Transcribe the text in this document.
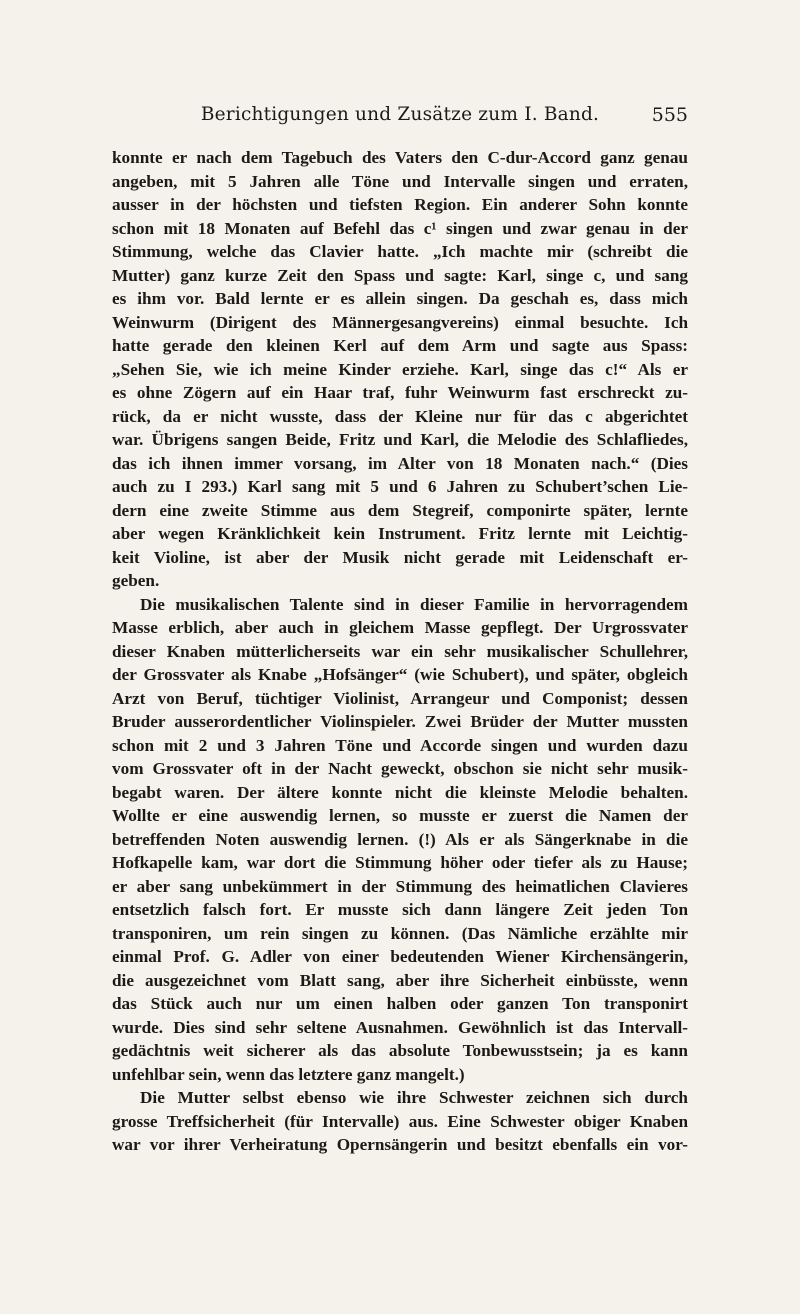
Berichtigungen und Zusätze zum I. Band.	555
konnte er nach dem Tagebuch des Vaters den C-dur-Accord ganz genau
angeben, mit 5 Jahren alle Töne und Intervalle singen und erraten,
ausser in der höchsten und tiefsten Region. Ein anderer Sohn konnte
schon mit 18 Monaten auf Befehl das c¹ singen und zwar genau in der
Stimmung, welche das Clavier hatte. „Ich machte mir (schreibt die
Mutter) ganz kurze Zeit den Spass und sagte: Karl, singe c, und sang
es ihm vor. Bald lernte er es allein singen. Da geschah es, dass mich
Weinwurm (Dirigent des Männergesangvereins) einmal besuchte. Ich
hatte gerade den kleinen Kerl auf dem Arm und sagte aus Spass:
„Sehen Sie, wie ich meine Kinder erziehe. Karl, singe das c!“ Als er
es ohne Zögern auf ein Haar traf, fuhr Weinwurm fast erschreckt zu-
rück, da er nicht wusste, dass der Kleine nur für das c abgerichtet
war. Übrigens sangen Beide, Fritz und Karl, die Melodie des Schlafliedes,
das ich ihnen immer vorsang, im Alter von 18 Monaten nach.“ (Dies
auch zu I 293.) Karl sang mit 5 und 6 Jahren zu Schubert’schen Lie-
dern eine zweite Stimme aus dem Stegreif, componirte später, lernte
aber wegen Kränklichkeit kein Instrument. Fritz lernte mit Leichtig-
keit Violine, ist aber der Musik nicht gerade mit Leidenschaft er-
geben.
Die musikalischen Talente sind in dieser Familie in hervorragendem
Masse erblich, aber auch in gleichem Masse gepflegt. Der Urgrossvater
dieser Knaben mütterlicherseits war ein sehr musikalischer Schullehrer,
der Grossvater als Knabe „Hofsänger“ (wie Schubert), und später, obgleich
Arzt von Beruf, tüchtiger Violinist, Arrangeur und Componist; dessen
Bruder ausserordentlicher Violinspieler. Zwei Brüder der Mutter mussten
schon mit 2 und 3 Jahren Töne und Accorde singen und wurden dazu
vom Grossvater oft in der Nacht geweckt, obschon sie nicht sehr musik-
begabt waren. Der ältere konnte nicht die kleinste Melodie behalten.
Wollte er eine auswendig lernen, so musste er zuerst die Namen der
betreffenden Noten auswendig lernen. (!) Als er als Sängerknabe in die
Hofkapelle kam, war dort die Stimmung höher oder tiefer als zu Hause;
er aber sang unbekümmert in der Stimmung des heimatlichen Clavieres
entsetzlich falsch fort. Er musste sich dann längere Zeit jeden Ton
transponiren, um rein singen zu können. (Das Nämliche erzählte mir
einmal Prof. G. Adler von einer bedeutenden Wiener Kirchensängerin,
die ausgezeichnet vom Blatt sang, aber ihre Sicherheit einbüsste, wenn
das Stück auch nur um einen halben oder ganzen Ton transponirt
wurde. Dies sind sehr seltene Ausnahmen. Gewöhnlich ist das Intervall-
gedächtnis weit sicherer als das absolute Tonbewusstsein; ja es kann
unfehlbar sein, wenn das letztere ganz mangelt.)
Die Mutter selbst ebenso wie ihre Schwester zeichnen sich durch
grosse Treffsicherheit (für Intervalle) aus. Eine Schwester obiger Knaben
war vor ihrer Verheiratung Opernsängerin und besitzt ebenfalls ein vor-
